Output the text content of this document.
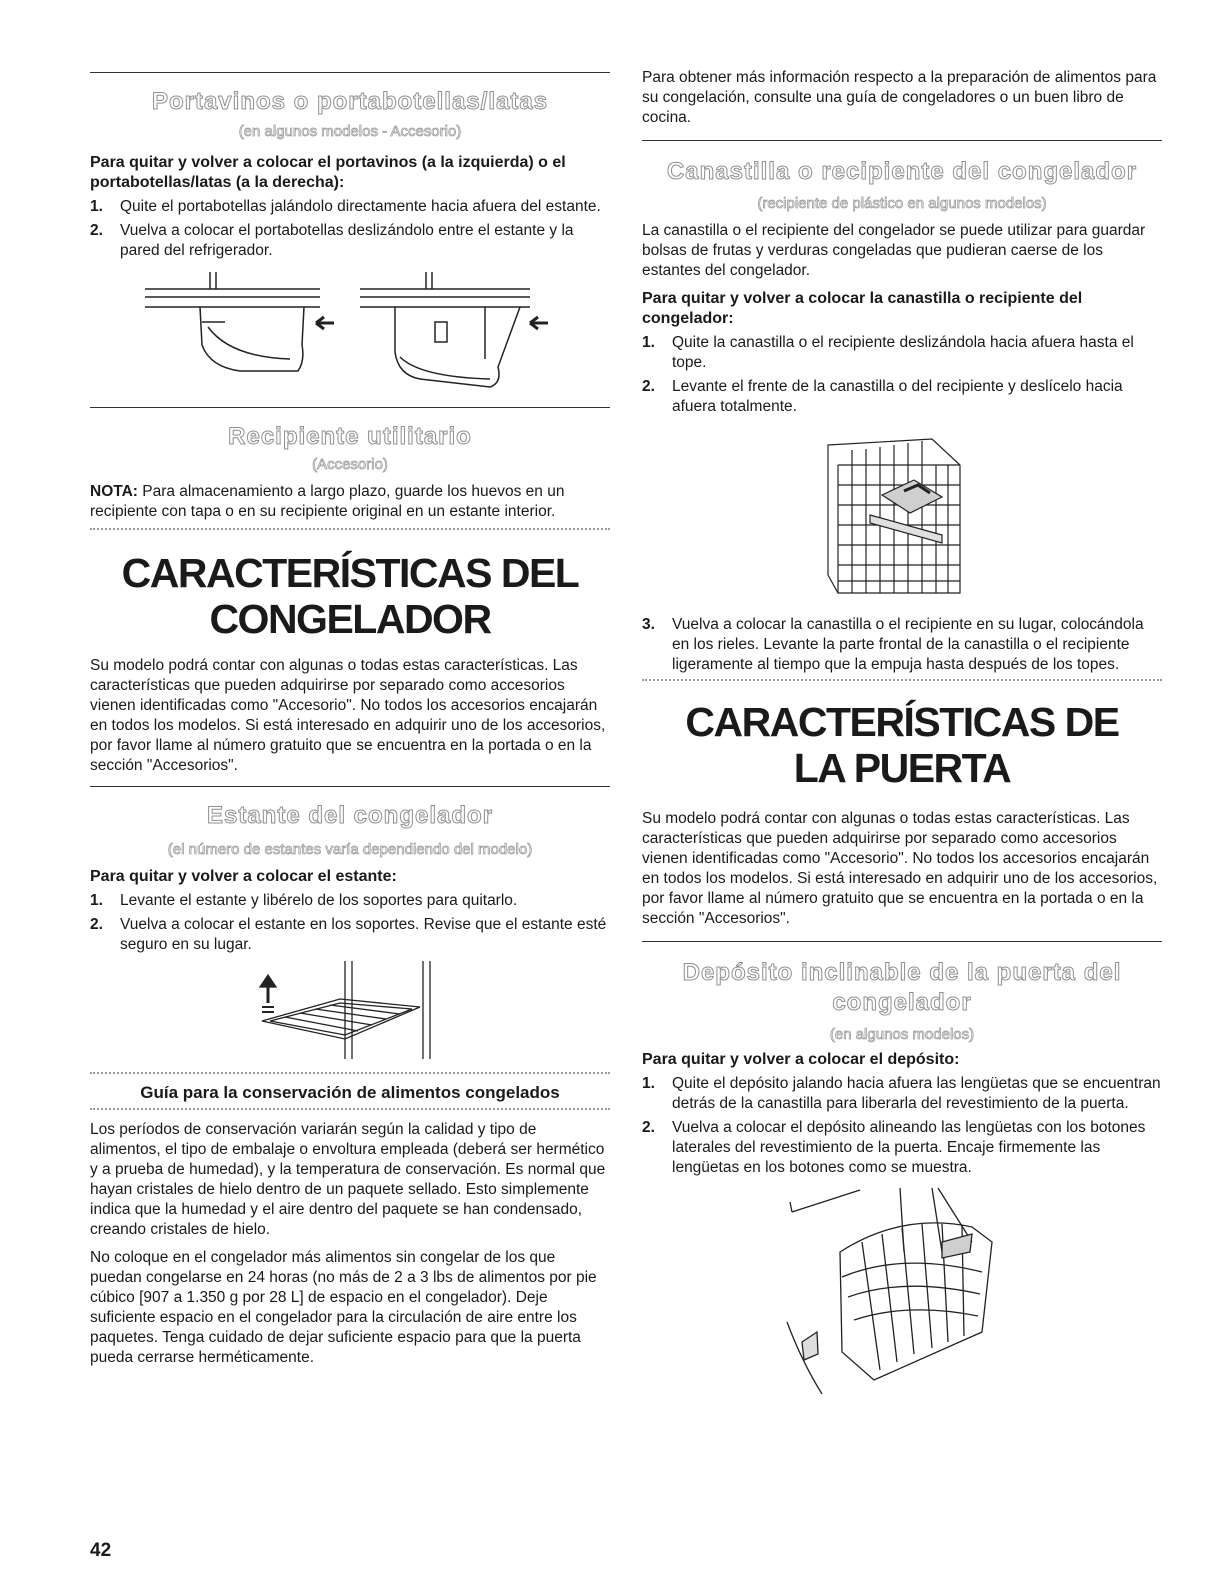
Portavinos o portabotellas/latas

(en algunos modelos - Accesorio)

Para quitar y volver a colocar el portavinos (a la izquierda) o el portabotellas/latas (a la derecha):

1. Quite el portabotellas jalándolo directamente hacia afuera del estante.
2. Vuelva a colocar el portabotellas deslizándolo entre el estante y la pared del refrigerador.
Recipiente utilitario

(Accesorio)

NOTA: Para almacenamiento a largo plazo, guarde los huevos en un recipiente con tapa o en su recipiente original en un estante interior.

CARACTERÍSTICAS DEL
CONGELADOR

Su modelo podrá contar con algunas o todas estas características. Las características que pueden adquirirse por separado como accesorios vienen identificadas como "Accesorio". No todos los accesorios encajarán en todos los modelos. Si está interesado en adquirir uno de los accesorios, por favor llame al número gratuito que se encuentra en la portada o en la sección "Accesorios".

Estante del congelador

(el número de estantes varía dependiendo del modelo)

Para quitar y volver a colocar el estante:

1. Levante el estante y libérelo de los soportes para quitarlo.
2. Vuelva a colocar el estante en los soportes. Revise que el estante esté seguro en su lugar.
Guía para la conservación de alimentos congelados

Los períodos de conservación variarán según la calidad y tipo de alimentos, el tipo de embalaje o envoltura empleada (deberá ser hermético y a prueba de humedad), y la temperatura de conservación. Es normal que hayan cristales de hielo dentro de un paquete sellado. Esto simplemente indica que la humedad y el aire dentro del paquete se han condensado, creando cristales de hielo.

No coloque en el congelador más alimentos sin congelar de los que puedan congelarse en 24 horas (no más de 2 a 3 lbs de alimentos por pie cúbico [907 a 1.350 g por 28 L] de espacio en el congelador). Deje suficiente espacio en el congelador para la circulación de aire entre los paquetes. Tenga cuidado de dejar suficiente espacio para que la puerta pueda cerrarse herméticamente.

Para obtener más información respecto a la preparación de alimentos para su congelación, consulte una guía de congeladores o un buen libro de cocina.

Canastilla o recipiente del congelador

(recipiente de plástico en algunos modelos)

La canastilla o el recipiente del congelador se puede utilizar para guardar bolsas de frutas y verduras congeladas que pudieran caerse de los estantes del congelador.

Para quitar y volver a colocar la canastilla o recipiente del congelador:

1. Quite la canastilla o el recipiente deslizándola hacia afuera hasta el tope.
2. Levante el frente de la canastilla o del recipiente y deslícelo hacia afuera totalmente.
3. Vuelva a colocar la canastilla o el recipiente en su lugar, colocándola en los rieles. Levante la parte frontal de la canastilla o el recipiente ligeramente al tiempo que la empuja hasta después de los topes.
CARACTERÍSTICAS DE
LA PUERTA

Su modelo podrá contar con algunas o todas estas características. Las características que pueden adquirirse por separado como accesorios vienen identificadas como "Accesorio". No todos los accesorios encajarán en todos los modelos. Si está interesado en adquirir uno de los accesorios, por favor llame al número gratuito que se encuentra en la portada o en la sección "Accesorios".

Depósito inclinable de la puerta del
congelador

(en algunos modelos)

Para quitar y volver a colocar el depósito:

1. Quite el depósito jalando hacia afuera las lengüetas que se encuentran detrás de la canastilla para liberarla del revestimiento de la puerta.
2. Vuelva a colocar el depósito alineando las lengüetas con los botones laterales del revestimiento de la puerta. Encaje firmemente las lengüetas en los botones como se muestra.
42
